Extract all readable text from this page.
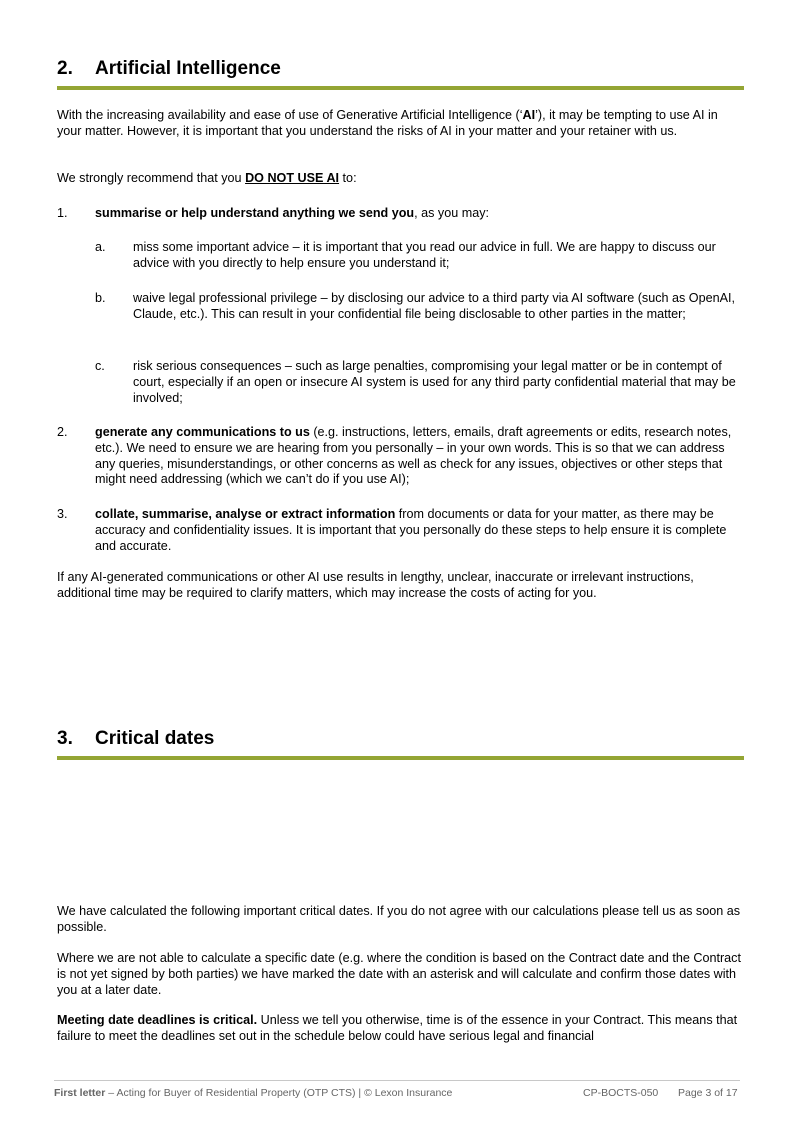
2. Artificial Intelligence
With the increasing availability and ease of use of Generative Artificial Intelligence (‘AI’), it may be tempting to use AI in your matter. However, it is important that you understand the risks of AI in your matter and your retainer with us.
We strongly recommend that you DO NOT USE AI to:
1. summarise or help understand anything we send you, as you may:
a. miss some important advice – it is important that you read our advice in full. We are happy to discuss our advice with you directly to help ensure you understand it;
b. waive legal professional privilege – by disclosing our advice to a third party via AI software (such as OpenAI, Claude, etc.). This can result in your confidential file being disclosable to other parties in the matter;
c. risk serious consequences – such as large penalties, compromising your legal matter or be in contempt of court, especially if an open or insecure AI system is used for any third party confidential material that may be involved;
2. generate any communications to us (e.g. instructions, letters, emails, draft agreements or edits, research notes, etc.). We need to ensure we are hearing from you personally – in your own words. This is so that we can address any queries, misunderstandings, or other concerns as well as check for any issues, objectives or other steps that might need addressing (which we can’t do if you use AI);
3. collate, summarise, analyse or extract information from documents or data for your matter, as there may be accuracy and confidentiality issues. It is important that you personally do these steps to help ensure it is complete and accurate.
If any AI-generated communications or other AI use results in lengthy, unclear, inaccurate or irrelevant instructions, additional time may be required to clarify matters, which may increase the costs of acting for you.
3. Critical dates
We have calculated the following important critical dates. If you do not agree with our calculations please tell us as soon as possible.
Where we are not able to calculate a specific date (e.g. where the condition is based on the Contract date and the Contract is not yet signed by both parties) we have marked the date with an asterisk and will calculate and confirm those dates with you at a later date.
Meeting date deadlines is critical. Unless we tell you otherwise, time is of the essence in your Contract. This means that failure to meet the deadlines set out in the schedule below could have serious legal and financial
First letter – Acting for Buyer of Residential Property (OTP CTS) | © Lexon Insurance	CP-BOCTS-050 Page 3 of 17
